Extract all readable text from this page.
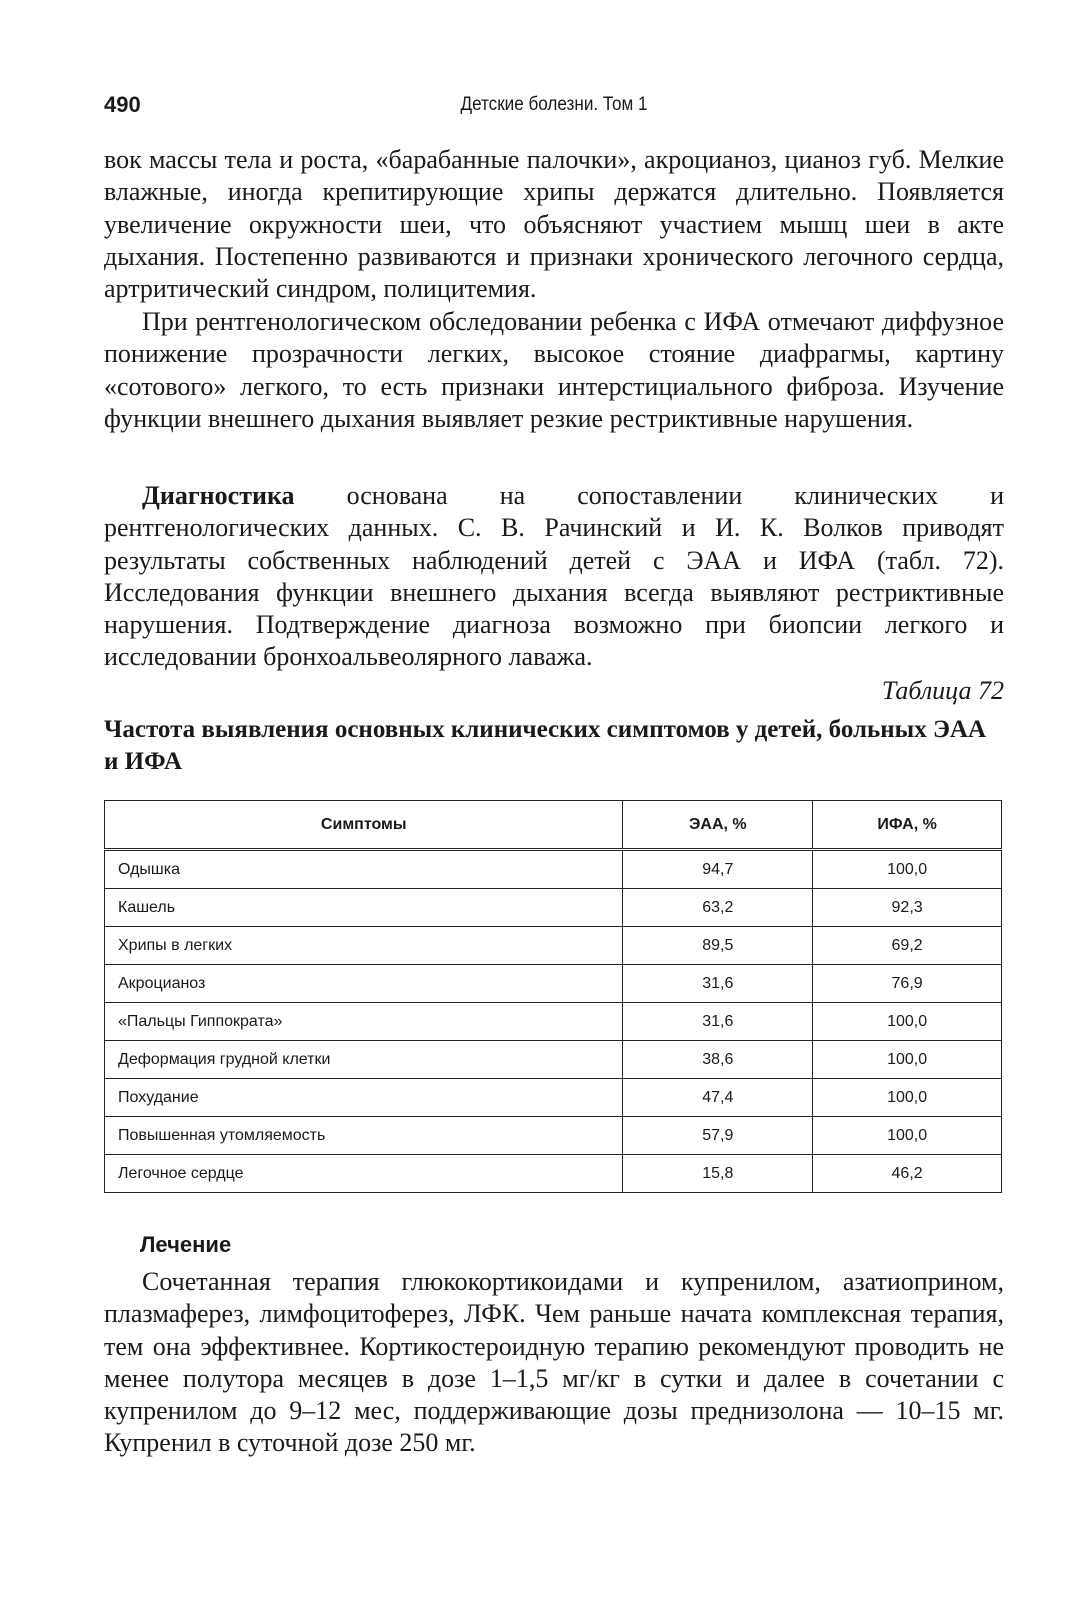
490	Детские болезни. Том 1

вок массы тела и роста, «барабанные палочки», акроцианоз, цианоз губ. Мелкие влажные, иногда крепитирующие хрипы держатся длительно. Появляется увеличение окружности шеи, что объясняют участием мышц шеи в акте дыхания. Постепенно развиваются и признаки хронического легочного сердца, артритический синдром, полицитемия.

При рентгенологическом обследовании ребенка с ИФА отмечают диффузное понижение прозрачности легких, высокое стояние диафрагмы, картину «сотового» легкого, то есть признаки интерстициального фиброза. Изучение функции внешнего дыхания выявляет резкие рестриктивные нарушения.

Диагностика основана на сопоставлении клинических и рентгенологических данных. С. В. Рачинский и И. К. Волков приводят результаты собственных наблюдений детей с ЭАА и ИФА (табл. 72). Исследования функции внешнего дыхания всегда выявляют рестриктивные нарушения. Подтверждение диагноза возможно при биопсии легкого и исследовании бронхоальвеолярного лаважа.

Таблица 72
Частота выявления основных клинических симптомов у детей, больных ЭАА и ИФА
Симптомы	ЭАА, %	ИФА, %
Одышка	94,7	100,0
Кашель	63,2	92,3
Хрипы в легких	89,5	69,2
Акроцианоз	31,6	76,9
«Пальцы Гиппократа»	31,6	100,0
Деформация грудной клетки	38,6	100,0
Похудание	47,4	100,0
Повышенная утомляемость	57,9	100,0
Легочное сердце	15,8	46,2
Лечение

Сочетанная терапия глюкокортикоидами и купренилом, азатиоприном, плазмаферез, лимфоцитоферез, ЛФК. Чем раньше начата комплексная терапия, тем она эффективнее. Кортикостероидную терапию рекомендуют проводить не менее полутора месяцев в дозе 1–1,5 мг/кг в сутки и далее в сочетании с купренилом до 9–12 мес, поддерживающие дозы преднизолона — 10–15 мг. Купренил в суточной дозе 250 мг.
